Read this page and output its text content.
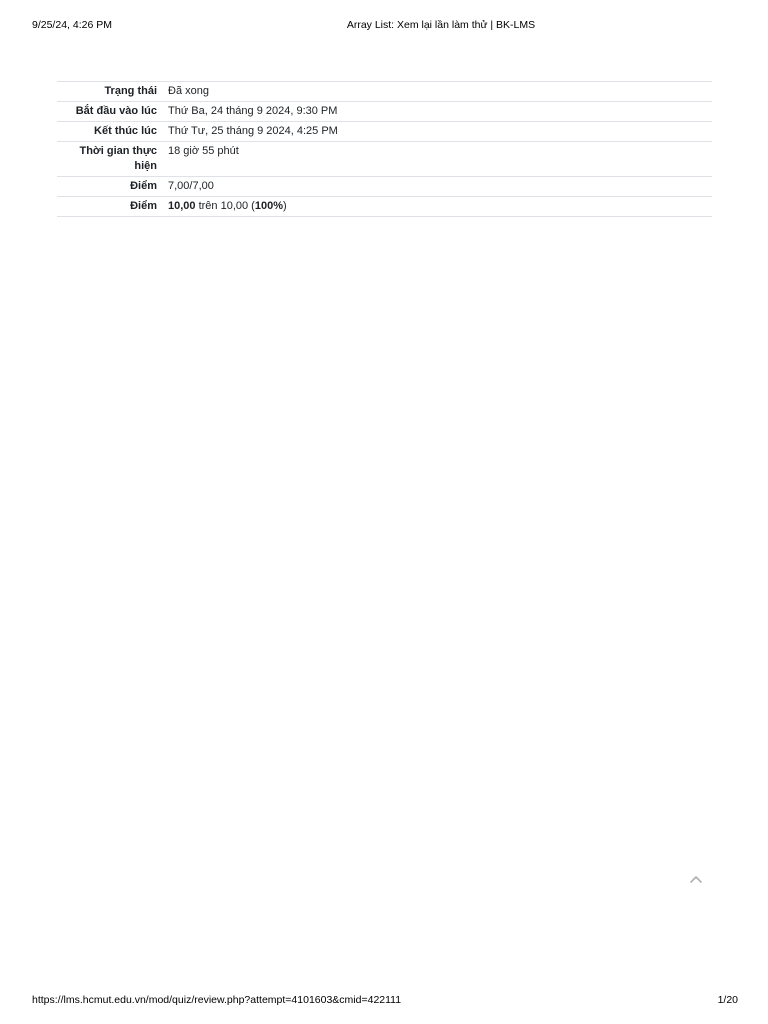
9/25/24, 4:26 PM	Array List: Xem lại lần làm thử | BK-LMS
Trạng thái	Đã xong
Bắt đầu vào lúc	Thứ Ba, 24 tháng 9 2024, 9:30 PM
Kết thúc lúc	Thứ Tư, 25 tháng 9 2024, 4:25 PM
Thời gian thực hiện	18 giờ 55 phút
Điểm	7,00/7,00
Điểm	10,00 trên 10,00 (100%)
https://lms.hcmut.edu.vn/mod/quiz/review.php?attempt=4101603&cmid=422111	1/20
